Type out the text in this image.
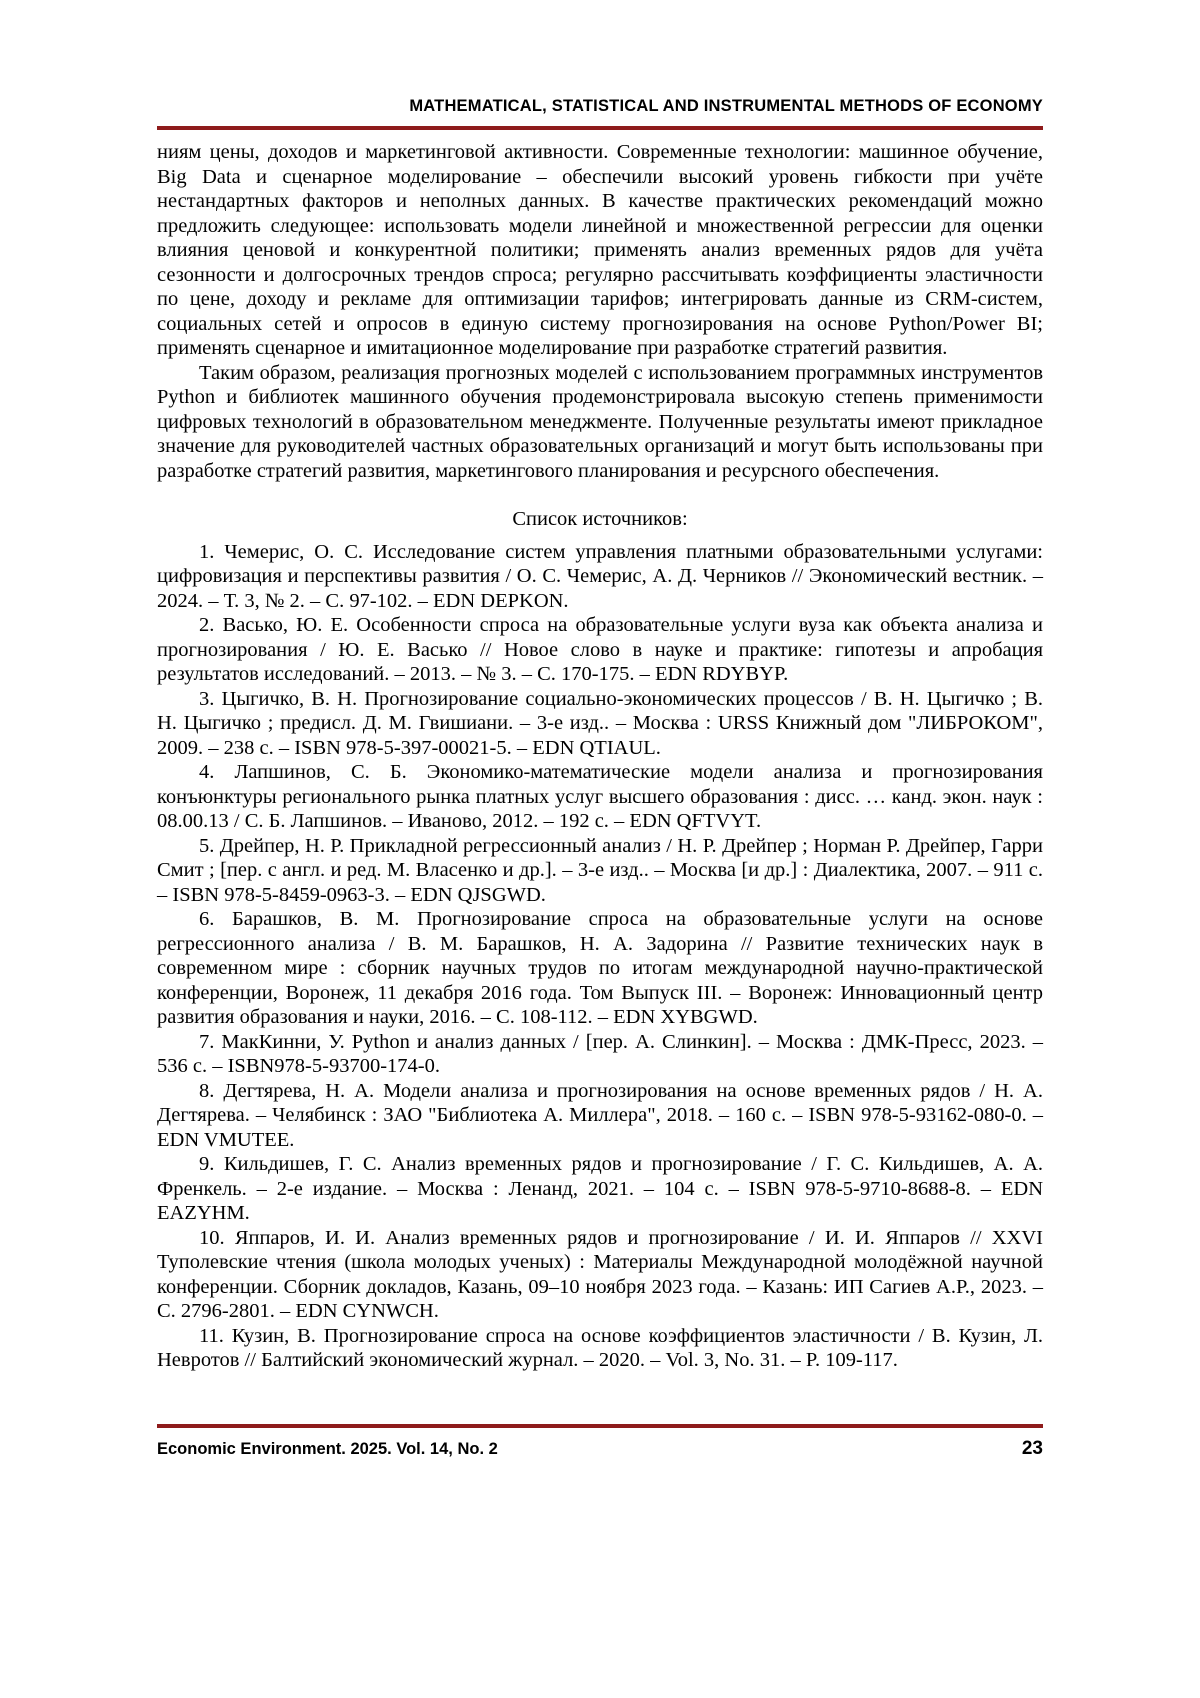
MATHEMATICAL, STATISTICAL AND INSTRUMENTAL METHODS OF ECONOMY

ниям цены, доходов и маркетинговой активности. Современные технологии: машинное обучение, Big Data и сценарное моделирование – обеспечили высокий уровень гибкости при учёте нестандартных факторов и неполных данных. В качестве практических рекомендаций можно предложить следующее: использовать модели линейной и множественной регрессии для оценки влияния ценовой и конкурентной политики; применять анализ временных рядов для учёта сезонности и долгосрочных трендов спроса; регулярно рассчитывать коэффициенты эластичности по цене, доходу и рекламе для оптимизации тарифов; интегрировать данные из CRM-систем, социальных сетей и опросов в единую систему прогнозирования на основе Python/Power BI; применять сценарное и имитационное моделирование при разработке стратегий развития.

Таким образом, реализация прогнозных моделей с использованием программных инструментов Python и библиотек машинного обучения продемонстрировала высокую степень применимости цифровых технологий в образовательном менеджменте. Полученные результаты имеют прикладное значение для руководителей частных образовательных организаций и могут быть использованы при разработке стратегий развития, маркетингового планирования и ресурсного обеспечения.

Список источников:

1. Чемерис, О. С. Исследование систем управления платными образовательными услугами: цифровизация и перспективы развития / О. С. Чемерис, А. Д. Черников // Экономический вестник. – 2024. – Т. 3, № 2. – С. 97-102. – EDN DEPKON.

2. Васько, Ю. Е. Особенности спроса на образовательные услуги вуза как объекта анализа и прогнозирования / Ю. Е. Васько // Новое слово в науке и практике: гипотезы и апробация результатов исследований. – 2013. – № 3. – С. 170-175. – EDN RDYBYP.

3. Цыгичко, В. Н. Прогнозирование социально-экономических процессов / В. Н. Цыгичко ; В. Н. Цыгичко ; предисл. Д. М. Гвишиани. – 3-е изд.. – Москва : URSS Книжный дом "ЛИБРОКОМ", 2009. – 238 с. – ISBN 978-5-397-00021-5. – EDN QTIAUL.

4. Лапшинов, С. Б. Экономико-математические модели анализа и прогнозирования конъюнктуры регионального рынка платных услуг высшего образования : дисс. … канд. экон. наук : 08.00.13 / С. Б. Лапшинов. – Иваново, 2012. – 192 с. – EDN QFTVYT.

5. Дрейпер, Н. Р. Прикладной регрессионный анализ / Н. Р. Дрейпер ; Норман Р. Дрейпер, Гарри Смит ; [пер. с англ. и ред. М. Власенко и др.]. – 3-е изд.. – Москва [и др.] : Диалектика, 2007. – 911 с. – ISBN 978-5-8459-0963-3. – EDN QJSGWD.

6. Барашков, В. М. Прогнозирование спроса на образовательные услуги на основе регрессионного анализа / В. М. Барашков, Н. А. Задорина // Развитие технических наук в современном мире : сборник научных трудов по итогам международной научно-практической конференции, Воронеж, 11 декабря 2016 года. Том Выпуск III. – Воронеж: Инновационный центр развития образования и науки, 2016. – С. 108-112. – EDN XYBGWD.

7. МакКинни, У. Python и анализ данных / [пер. А. Слинкин]. – Москва : ДМК-Пресс, 2023. – 536 с. – ISBN978-5-93700-174-0.

8. Дегтярева, Н. А. Модели анализа и прогнозирования на основе временных рядов / Н. А. Дегтярева. – Челябинск : ЗАО "Библиотека А. Миллера", 2018. – 160 с. – ISBN 978-5-93162-080-0. – EDN VMUTEE.

9. Кильдишев, Г. С. Анализ временных рядов и прогнозирование / Г. С. Кильдишев, А. А. Френкель. – 2-е издание. – Москва : Ленанд, 2021. – 104 с. – ISBN 978-5-9710-8688-8. – EDN EAZYHM.

10. Яппаров, И. И. Анализ временных рядов и прогнозирование / И. И. Яппаров // XXVI Туполевские чтения (школа молодых ученых) : Материалы Международной молодёжной научной конференции. Сборник докладов, Казань, 09–10 ноября 2023 года. – Казань: ИП Сагиев А.Р., 2023. – С. 2796-2801. – EDN CYNWCH.

11. Кузин, В. Прогнозирование спроса на основе коэффициентов эластичности / В. Кузин, Л. Невротов // Балтийский экономический журнал. – 2020. – Vol. 3, No. 31. – P. 109-117.

Economic Environment. 2025. Vol. 14, No. 2	23
